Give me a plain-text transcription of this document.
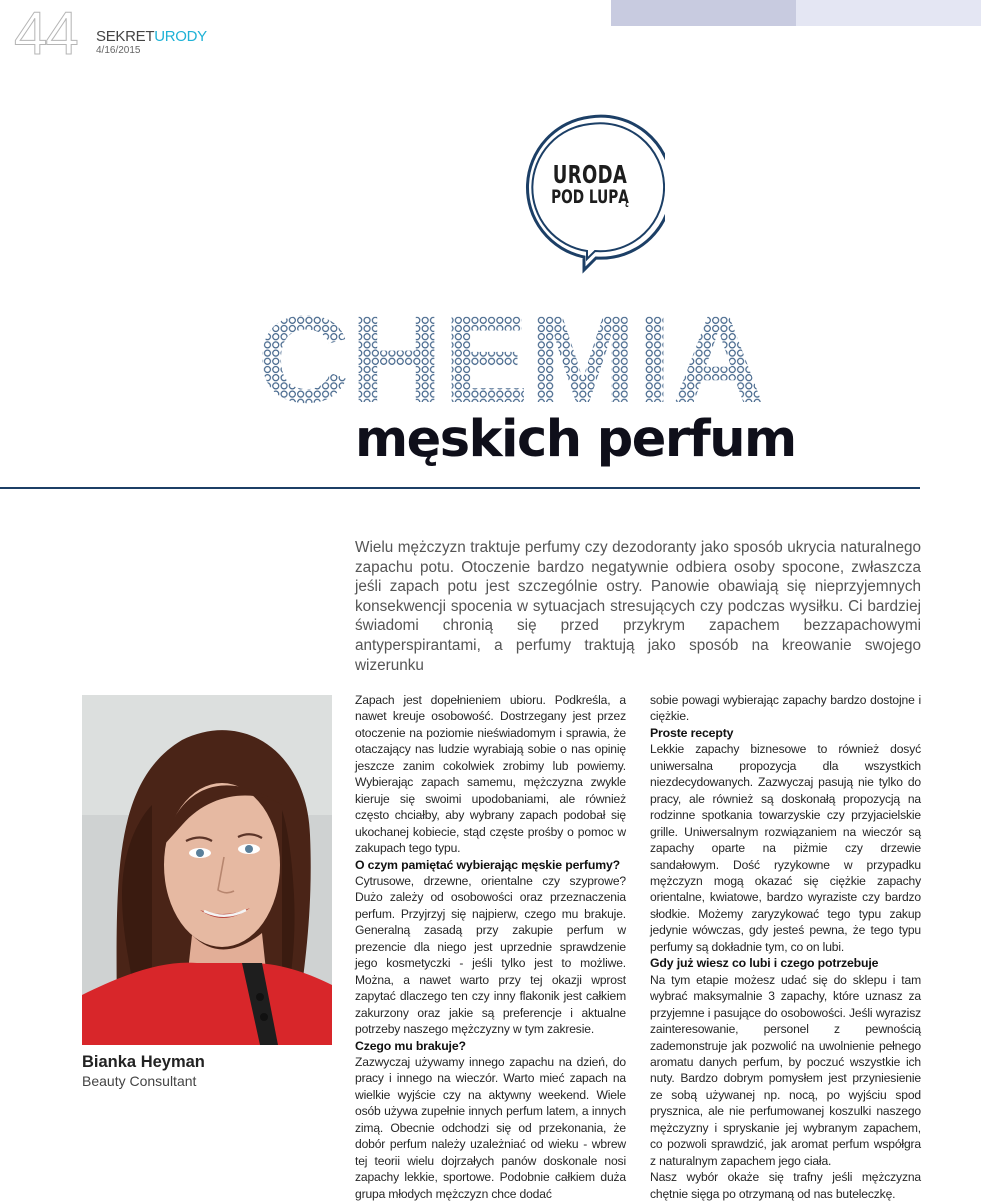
44 SEKRETURODY
4/16/2015
URODA
POD LUPĄ
CHEMIA
męskich perfum
Wielu mężczyzn traktuje perfumy czy dezodoranty jako sposób ukrycia naturalnego zapachu potu. Otoczenie bardzo negatywnie odbiera osoby spocone, zwłaszcza jeśli zapach potu jest szczególnie ostry. Panowie obawiają się nieprzyjemnych konsekwencji spocenia w sytuacjach stresujących czy podczas wysiłku. Ci bardziej świadomi chronią się przed przykrym zapachem bezzapachowymi antyperspirantami, a perfumy traktują jako sposób na kreowanie swojego wizerunku
Bianka Heyman
Beauty Consultant

Zapach jest dopełnieniem ubioru. Podkreśla, a nawet kreuje osobowość. Dostrzegany jest przez otoczenie na poziomie nieświadomym i sprawia, że otaczający nas ludzie wyrabiają sobie o nas opinię jeszcze zanim cokolwiek zrobimy lub powiemy. Wybierając zapach samemu, mężczyzna zwykle kieruje się swoimi upodobaniami, ale również często chciałby, aby wybrany zapach podobał się ukochanej kobiecie, stąd częste prośby o pomoc w zakupach tego typu.

O czym pamiętać wybierając męskie perfumy?

Cytrusowe, drzewne, orientalne czy szyprowe? Dużo zależy od osobowości oraz przeznaczenia perfum. Przyjrzyj się najpierw, czego mu brakuje. Generalną zasadą przy zakupie perfum w prezencie dla niego jest uprzednie sprawdzenie jego kosmetyczki - jeśli tylko jest to możliwe. Można, a nawet warto przy tej okazji wprost zapytać dlaczego ten czy inny flakonik jest całkiem zakurzony oraz jakie są preferencje i aktualne potrzeby naszego mężczyzny w tym zakresie.

Czego mu brakuje?

Zazwyczaj używamy innego zapachu na dzień, do pracy i innego na wieczór. Warto mieć zapach na wielkie wyjście czy na aktywny weekend. Wiele osób używa zupełnie innych perfum latem, a innych zimą. Obecnie odchodzi się od przekonania, że dobór perfum należy uzależniać od wieku - wbrew tej teorii wielu dojrzałych panów doskonale nosi zapachy lekkie, sportowe. Podobnie całkiem duża grupa młodych mężczyzn chce dodać

sobie powagi wybierając zapachy bardzo dostojne i ciężkie.

Proste recepty

Lekkie zapachy biznesowe to również dosyć uniwersalna propozycja dla wszystkich niezdecydowanych. Zazwyczaj pasują nie tylko do pracy, ale również są doskonałą propozycją na rodzinne spotkania towarzyskie czy przyjacielskie grille. Uniwersalnym rozwiązaniem na wieczór są zapachy oparte na piżmie czy drzewie sandałowym. Dość ryzykowne w przypadku mężczyzn mogą okazać się ciężkie zapachy orientalne, kwiatowe, bardzo wyraziste czy bardzo słodkie. Możemy zaryzykować tego typu zakup jedynie wówczas, gdy jesteś pewna, że tego typu perfumy są dokładnie tym, co on lubi.

Gdy już wiesz co lubi i czego potrzebuje

Na tym etapie możesz udać się do sklepu i tam wybrać maksymalnie 3 zapachy, które uznasz za przyjemne i pasujące do osobowości. Jeśli wyrazisz zainteresowanie, personel z pewnością zademonstruje jak pozwolić na uwolnienie pełnego aromatu danych perfum, by poczuć wszystkie ich nuty. Bardzo dobrym pomysłem jest przyniesienie ze sobą używanej np. nocą, po wyjściu spod prysznica, ale nie perfumowanej koszulki naszego mężczyzny i spryskanie jej wybranym zapachem, co pozwoli sprawdzić, jak aromat perfum współgra z naturalnym zapachem jego ciała.

Nasz wybór okaże się trafny jeśli mężczyzna chętnie sięga po otrzymaną od nas buteleczkę.
